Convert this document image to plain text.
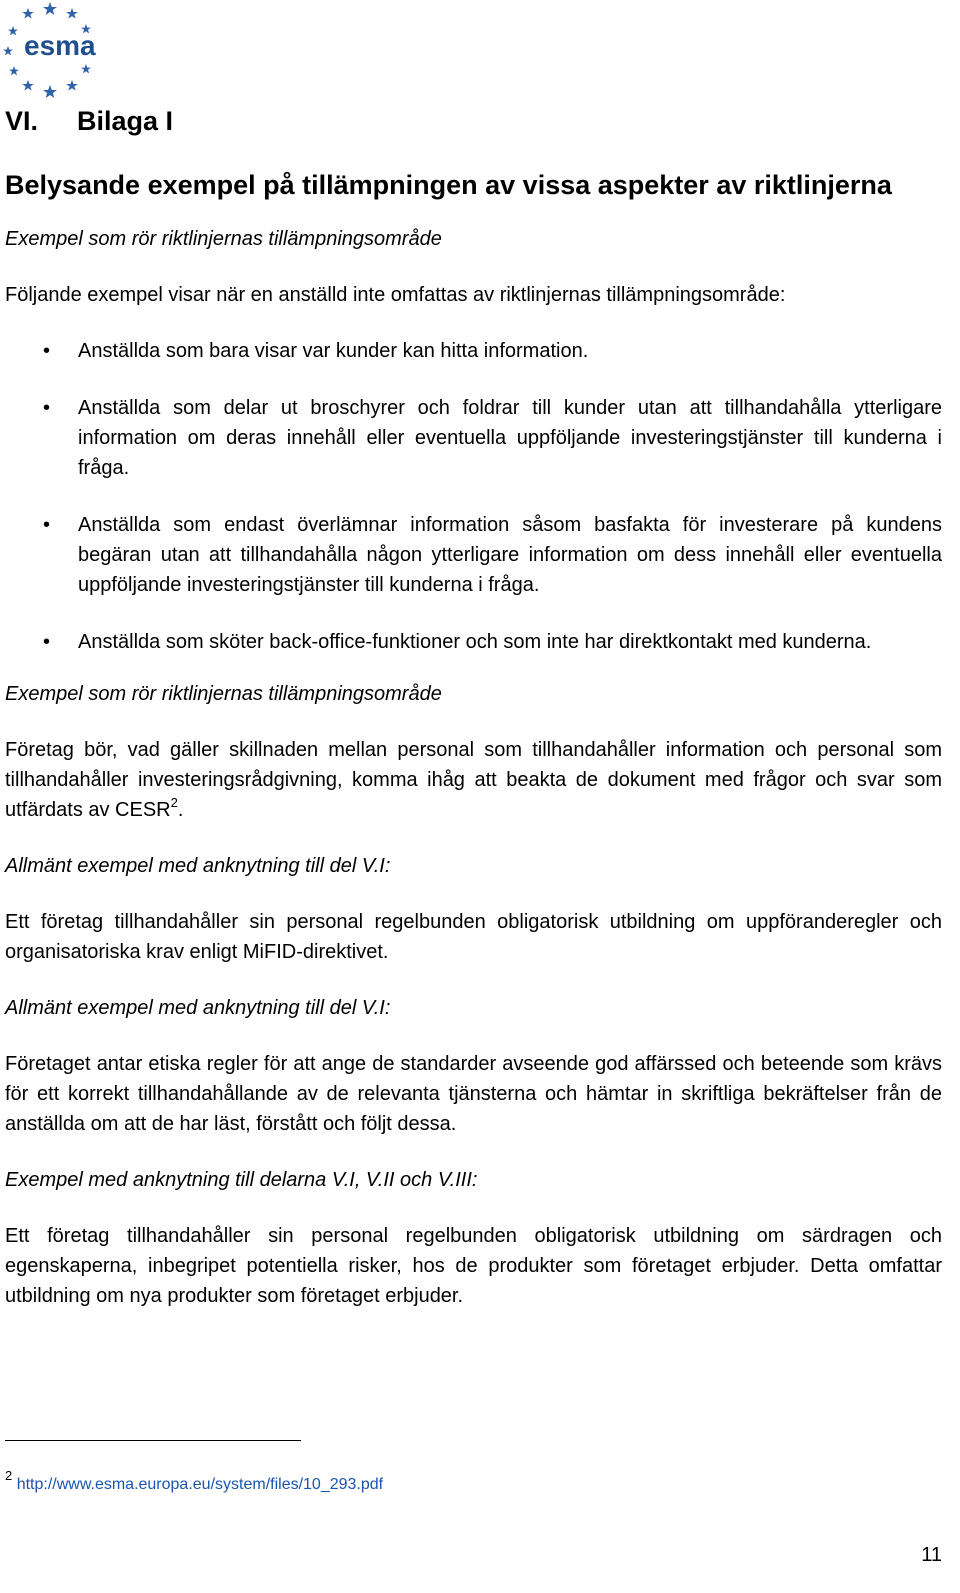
esma
VI.	Bilaga I
Belysande exempel på tillämpningen av vissa aspekter av riktlinjerna
Exempel som rör riktlinjernas tillämpningsområde

Följande exempel visar när en anställd inte omfattas av riktlinjernas tillämpningsområde:

• Anställda som bara visar var kunder kan hitta information.
• Anställda som delar ut broschyrer och foldrar till kunder utan att tillhandahålla ytterligare information om deras innehåll eller eventuella uppföljande investeringstjänster till kunderna i fråga.
• Anställda som endast överlämnar information såsom basfakta för investerare på kundens begäran utan att tillhandahålla någon ytterligare information om dess innehåll eller eventuella uppföljande investeringstjänster till kunderna i fråga.
• Anställda som sköter back-office-funktioner och som inte har direktkontakt med kunderna.
Exempel som rör riktlinjernas tillämpningsområde

Företag bör, vad gäller skillnaden mellan personal som tillhandahåller information och personal som tillhandahåller investeringsrådgivning, komma ihåg att beakta de dokument med frågor och svar som utfärdats av CESR$^2$.

Allmänt exempel med anknytning till del V.I:

Ett företag tillhandahåller sin personal regelbunden obligatorisk utbildning om uppföranderegler och organisatoriska krav enligt MiFID-direktivet.

Allmänt exempel med anknytning till del V.I:

Företaget antar etiska regler för att ange de standarder avseende god affärssed och beteende som krävs för ett korrekt tillhandahållande av de relevanta tjänsterna och hämtar in skriftliga bekräftelser från de anställda om att de har läst, förstått och följt dessa.

Exempel med anknytning till delarna V.I, V.II och V.III:

Ett företag tillhandahåller sin personal regelbunden obligatorisk utbildning om särdragen och egenskaperna, inbegripet potentiella risker, hos de produkter som företaget erbjuder. Detta omfattar utbildning om nya produkter som företaget erbjuder.

$^2$ http://www.esma.europa.eu/system/files/10_293.pdf
11
